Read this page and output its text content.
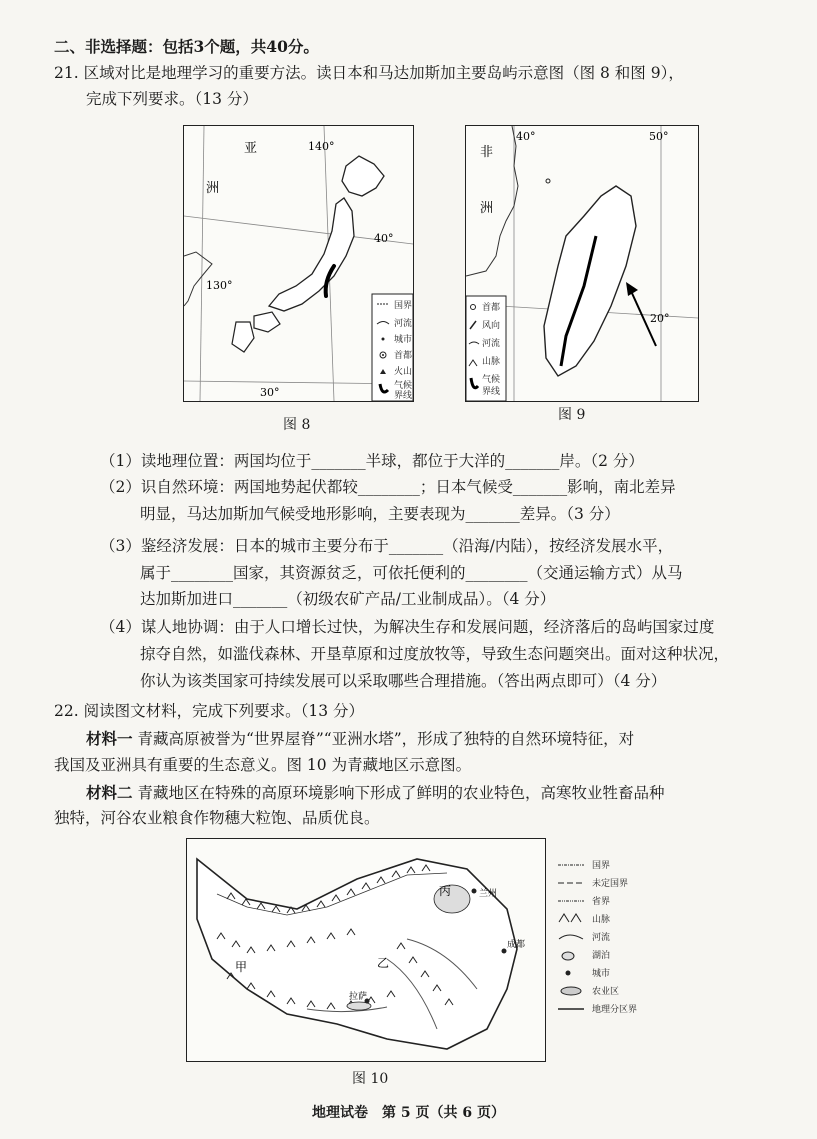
二、非选择题：包括3个题，共40分。
21. 区域对比是地理学习的重要方法。读日本和马达加斯加主要岛屿示意图（图 8 和图 9），
完成下列要求。（13 分）
亚
洲
140°
40°
130°
30°
国界
河流
城市
首都
火山
气候
界线
图 8
非
洲
40°	50°
20°
首都
风向
河流
山脉
气候
界线
图 9
（1）读地理位置：两国均位于_______半球，都位于大洋的_______岸。（2 分）
（2）识自然环境：两国地势起伏都较________；日本气候受_______影响，南北差异
明显，马达加斯加气候受地形影响，主要表现为_______差异。（3 分）
（3）鉴经济发展：日本的城市主要分布于_______（沿海/内陆），按经济发展水平，
属于________国家，其资源贫乏，可依托便利的________（交通运输方式）从马
达加斯加进口_______（初级农矿产品/工业制成品）。（4 分）
（4）谋人地协调：由于人口增长过快，为解决生存和发展问题，经济落后的岛屿国家过度
掠夺自然，如滥伐森林、开垦草原和过度放牧等，导致生态问题突出。面对这种状况，
你认为该类国家可持续发展可以采取哪些合理措施。（答出两点即可）（4 分）
22. 阅读图文材料，完成下列要求。（13 分）
材料一 青藏高原被誉为“世界屋脊”“亚洲水塔”，形成了独特的自然环境特征，对
我国及亚洲具有重要的生态意义。图 10 为青藏地区示意图。
材料二 青藏地区在特殊的高原环境影响下形成了鲜明的农业特色，高寒牧业牲畜品种
独特，河谷农业粮食作物穗大粒饱、品质优良。
甲	乙
丙	兰州
拉萨
成都
国界
未定国界
省界
山脉
河流
湖泊
城市
农业区
地理分区界
图 10
地理试卷　第 5 页（共 6 页）
